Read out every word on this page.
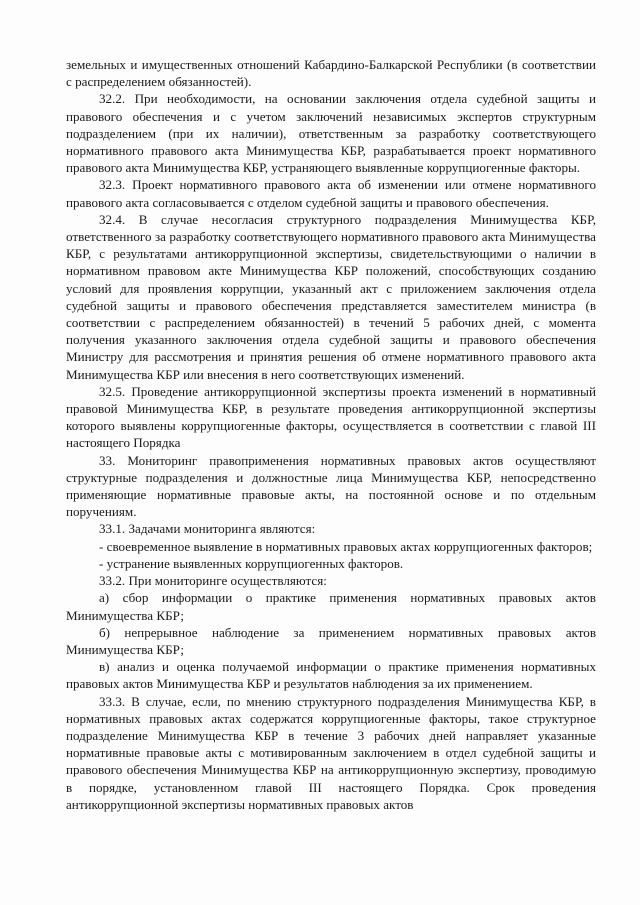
земельных и имущественных отношений Кабардино-Балкарской Республики (в соответствии с распределением обязанностей).

32.2. При необходимости, на основании заключения отдела судебной защиты и правового обеспечения и с учетом заключений независимых экспертов структурным подразделением (при их наличии), ответственным за разработку соответствующего нормативного правового акта Минимущества КБР, разрабатывается проект нормативного правового акта Минимущества КБР, устраняющего выявленные коррупциогенные факторы.

32.3. Проект нормативного правового акта об изменении или отмене нормативного правового акта согласовывается с отделом судебной защиты и правового обеспечения.

32.4. В случае несогласия структурного подразделения Минимущества КБР, ответственного за разработку соответствующего нормативного правового акта Минимущества КБР, с результатами антикоррупционной экспертизы, свидетельствующими о наличии в нормативном правовом акте Минимущества КБР положений, способствующих созданию условий для проявления коррупции, указанный акт с приложением заключения отдела судебной защиты и правового обеспечения представляется заместителем министра (в соответствии с распределением обязанностей) в течений 5 рабочих дней, с момента получения указанного заключения отдела судебной защиты и правового обеспечения Министру для рассмотрения и принятия решения об отмене нормативного правового акта Минимущества КБР или внесения в него соответствующих изменений.

32.5. Проведение антикоррупционной экспертизы проекта изменений в нормативный правовой Минимущества КБР, в результате проведения антикоррупционной экспертизы которого выявлены коррупциогенные факторы, осуществляется в соответствии с главой III настоящего Порядка

33. Мониторинг правоприменения нормативных правовых актов осуществляют структурные подразделения и должностные лица Минимущества КБР, непосредственно применяющие нормативные правовые акты, на постоянной основе и по отдельным поручениям.

33.1. Задачами мониторинга являются:

- своевременное выявление в нормативных правовых актах коррупциогенных факторов;

- устранение выявленных коррупциогенных факторов.

33.2. При мониторинге осуществляются:

а) сбор информации о практике применения нормативных правовых актов Минимущества КБР;

б) непрерывное наблюдение за применением нормативных правовых актов Минимущества КБР;

в) анализ и оценка получаемой информации о практике применения нормативных правовых актов Минимущества КБР и результатов наблюдения за их применением.

33.3. В случае, если, по мнению структурного подразделения Минимущества КБР, в нормативных правовых актах содержатся коррупциогенные факторы, такое структурное подразделение Минимущества КБР в течение 3 рабочих дней направляет указанные нормативные правовые акты с мотивированным заключением в отдел судебной защиты и правового обеспечения Минимущества КБР на антикоррупционную экспертизу, проводимую в порядке, установленном главой III настоящего Порядка. Срок проведения антикоррупционной экспертизы нормативных правовых актов
